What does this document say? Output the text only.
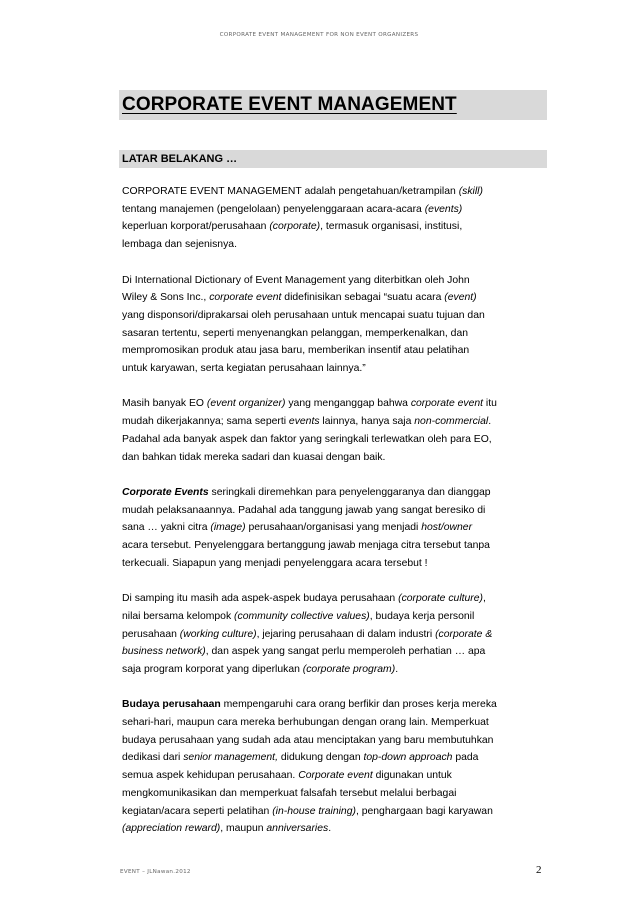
CORPORATE EVENT MANAGEMENT FOR NON EVENT ORGANIZERS
CORPORATE EVENT MANAGEMENT
LATAR BELAKANG …
CORPORATE EVENT MANAGEMENT adalah pengetahuan/ketrampilan (skill)
tentang manajemen (pengelolaan) penyelenggaraan acara-acara (events)
keperluan korporat/perusahaan (corporate), termasuk organisasi, institusi,
lembaga dan sejenisnya.
Di International Dictionary of Event Management yang diterbitkan oleh John
Wiley & Sons Inc., corporate event didefinisikan sebagai “suatu acara (event)
yang disponsori/diprakarsai oleh perusahaan untuk mencapai suatu tujuan dan
sasaran tertentu, seperti menyenangkan pelanggan, memperkenalkan, dan
mempromosikan produk atau jasa baru, memberikan insentif atau pelatihan
untuk karyawan, serta kegiatan perusahaan lainnya.”
Masih banyak EO (event organizer) yang menganggap bahwa corporate event itu
mudah dikerjakannya; sama seperti events lainnya, hanya saja non-commercial.
Padahal ada banyak aspek dan faktor yang seringkali terlewatkan oleh para EO,
dan bahkan tidak mereka sadari dan kuasai dengan baik.
Corporate Events seringkali diremehkan para penyelenggaranya dan dianggap
mudah pelaksanaannya. Padahal ada tanggung jawab yang sangat beresiko di
sana … yakni citra (image) perusahaan/organisasi yang menjadi host/owner
acara tersebut. Penyelenggara bertanggung jawab menjaga citra tersebut tanpa
terkecuali. Siapapun yang menjadi penyelenggara acara tersebut !
Di samping itu masih ada aspek-aspek budaya perusahaan (corporate culture),
nilai bersama kelompok (community collective values), budaya kerja personil
perusahaan (working culture), jejaring perusahaan di dalam industri (corporate &
business network), dan aspek yang sangat perlu memperoleh perhatian … apa
saja program korporat yang diperlukan (corporate program).
Budaya perusahaan mempengaruhi cara orang berfikir dan proses kerja mereka
sehari-hari, maupun cara mereka berhubungan dengan orang lain. Memperkuat
budaya perusahaan yang sudah ada atau menciptakan yang baru membutuhkan
dedikasi dari senior management, didukung dengan top-down approach pada
semua aspek kehidupan perusahaan. Corporate event digunakan untuk
mengkomunikasikan dan memperkuat falsafah tersebut melalui berbagai
kegiatan/acara seperti pelatihan (in-house training), penghargaan bagi karyawan
(appreciation reward), maupun anniversaries.
EVENT – JLNawan.2012	2
